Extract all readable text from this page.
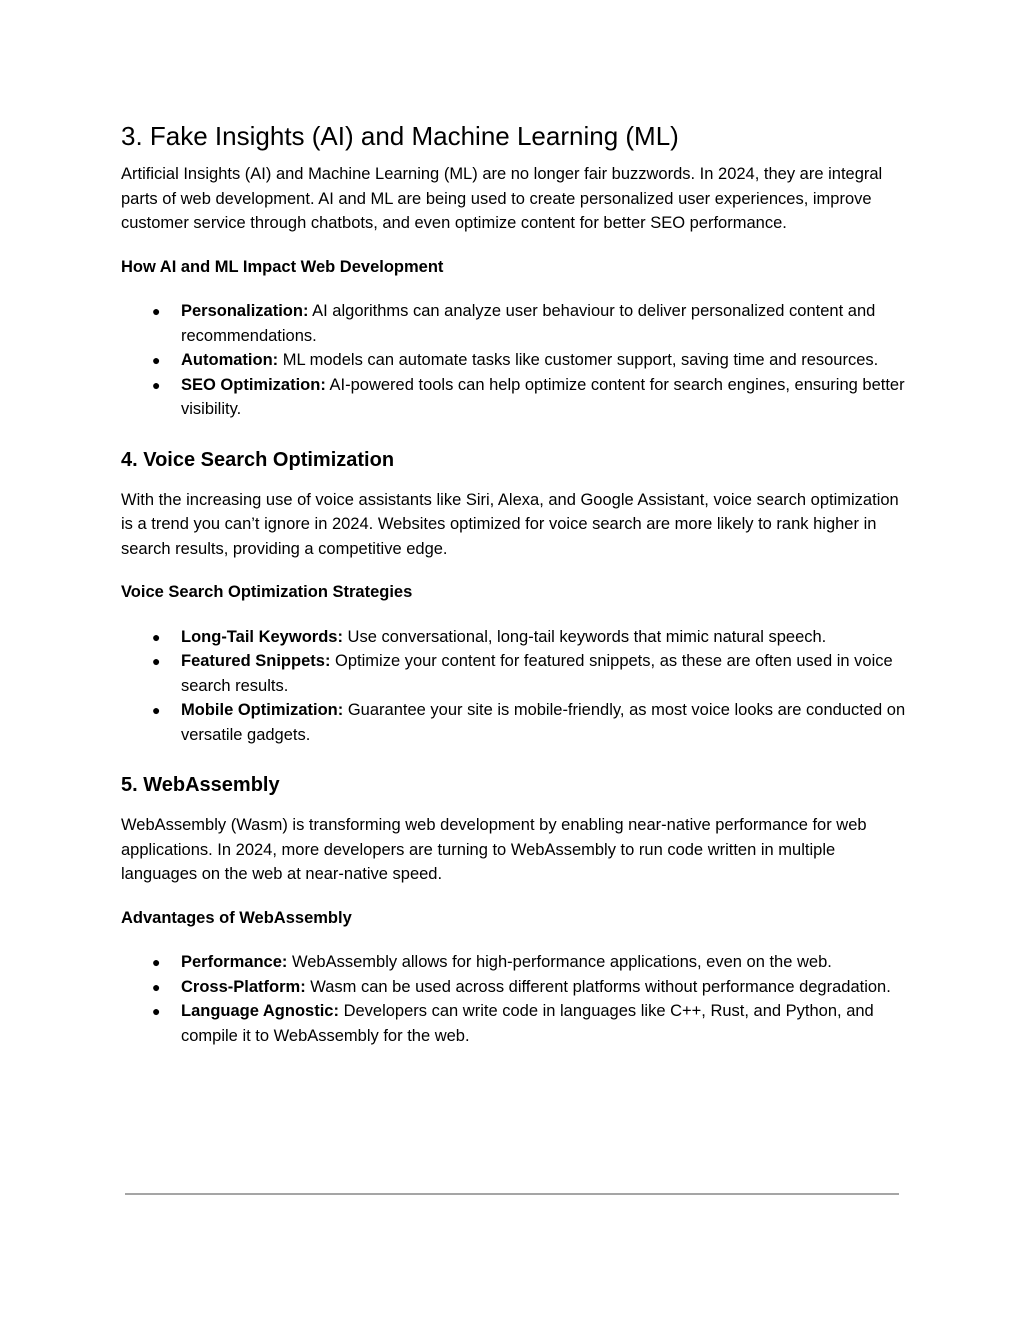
3. Fake Insights (AI) and Machine Learning (ML)

Artificial Insights (AI) and Machine Learning (ML) are no longer fair buzzwords. In 2024, they are integral parts of web development. AI and ML are being used to create personalized user experiences, improve customer service through chatbots, and even optimize content for better SEO performance.

How AI and ML Impact Web Development
● Personalization: AI algorithms can analyze user behaviour to deliver personalized content and recommendations.
● Automation: ML models can automate tasks like customer support, saving time and resources.
● SEO Optimization: AI-powered tools can help optimize content for search engines, ensuring better visibility.
4. Voice Search Optimization

With the increasing use of voice assistants like Siri, Alexa, and Google Assistant, voice search optimization is a trend you can’t ignore in 2024. Websites optimized for voice search are more likely to rank higher in search results, providing a competitive edge.

Voice Search Optimization Strategies
● Long-Tail Keywords: Use conversational, long-tail keywords that mimic natural speech.
● Featured Snippets: Optimize your content for featured snippets, as these are often used in voice search results.
● Mobile Optimization: Guarantee your site is mobile-friendly, as most voice looks are conducted on versatile gadgets.
5. WebAssembly

WebAssembly (Wasm) is transforming web development by enabling near-native performance for web applications. In 2024, more developers are turning to WebAssembly to run code written in multiple languages on the web at near-native speed.

Advantages of WebAssembly
● Performance: WebAssembly allows for high-performance applications, even on the web.
● Cross-Platform: Wasm can be used across different platforms without performance degradation.
● Language Agnostic: Developers can write code in languages like C++, Rust, and Python, and compile it to WebAssembly for the web.
